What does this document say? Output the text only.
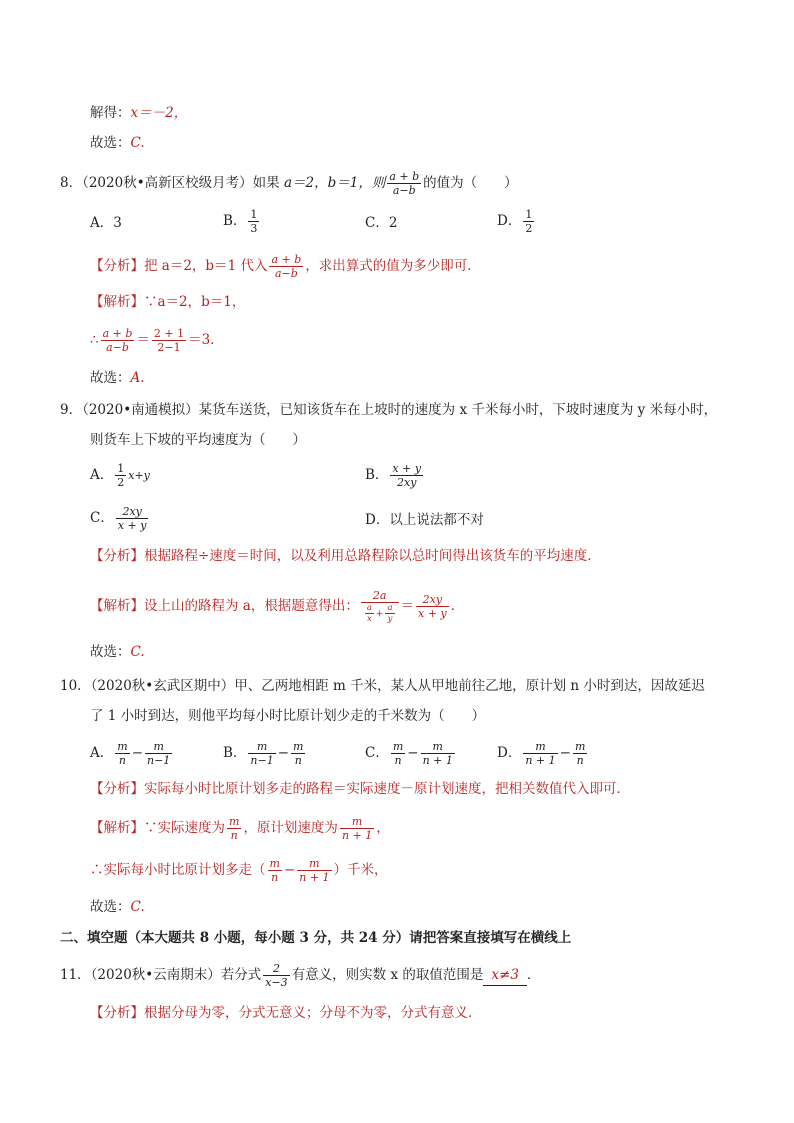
解得：x＝－2，
故选：C.
8．（2020秋•高新区校级月考）如果 a＝2，b＝1，则 $\frac{a + b}{a-b}$ 的值为（　　）
A．3	B． $\frac{1}{3}$	C．2	D． $\frac{1}{2}$
【分析】把 a＝2，b＝1 代入 $\frac{a + b}{a-b}$ ，求出算式的值为多少即可．
【解析】∵a＝2，b＝1，
∴ $\frac{a + b}{a-b} = \frac{2 + 1}{2-1} =3$．
故选：A.
9．（2020•南通模拟）某货车送货，已知该货车在上坡时的速度为 x 千米每小时，下坡时速度为 y 米每小时，
则货车上下坡的平均速度为（　　）
A． $\frac{1}{2} x+y$	B． $\frac{x + y}{2xy}$
C． $\frac{2xy}{x + y}$	D．以上说法都不对
【分析】根据路程÷速度＝时间，以及利用总路程除以总时间得出该货车的平均速度．
【解析】设上山的路程为 a，根据题意得出： $\frac{2a}{\frac{a}{x} + \frac{a}{y}} = \frac{2xy}{x + y}$ ．
故选：C.
10．（2020秋•玄武区期中）甲、乙两地相距 m 千米，某人从甲地前往乙地，原计划 n 小时到达，因故延迟
了 1 小时到达，则他平均每小时比原计划少走的千米数为（　　）
A． $\frac{m}{n} - \frac{m}{n-1}$	B． $\frac{m}{n-1} - \frac{m}{n}$	C． $\frac{m}{n} - \frac{m}{n + 1}$	D． $\frac{m}{n + 1} - \frac{m}{n}$
【分析】实际每小时比原计划多走的路程＝实际速度－原计划速度，把相关数值代入即可．
【解析】∵实际速度为 $\frac{m}{n}$ ，原计划速度为 $\frac{m}{n + 1}$ ，
∴实际每小时比原计划多走（ $\frac{m}{n} - \frac{m}{n + 1}$ ）千米，
故选：C.
二、填空题（本大题共 8 小题，每小题 3 分，共 24 分）请把答案直接填写在横线上
11．（2020秋•云南期末）若分式 $\frac{2}{x-3}$ 有意义，则实数 x 的取值范围是 x≠3 ．
【分析】根据分母为零，分式无意义；分母不为零，分式有意义．
